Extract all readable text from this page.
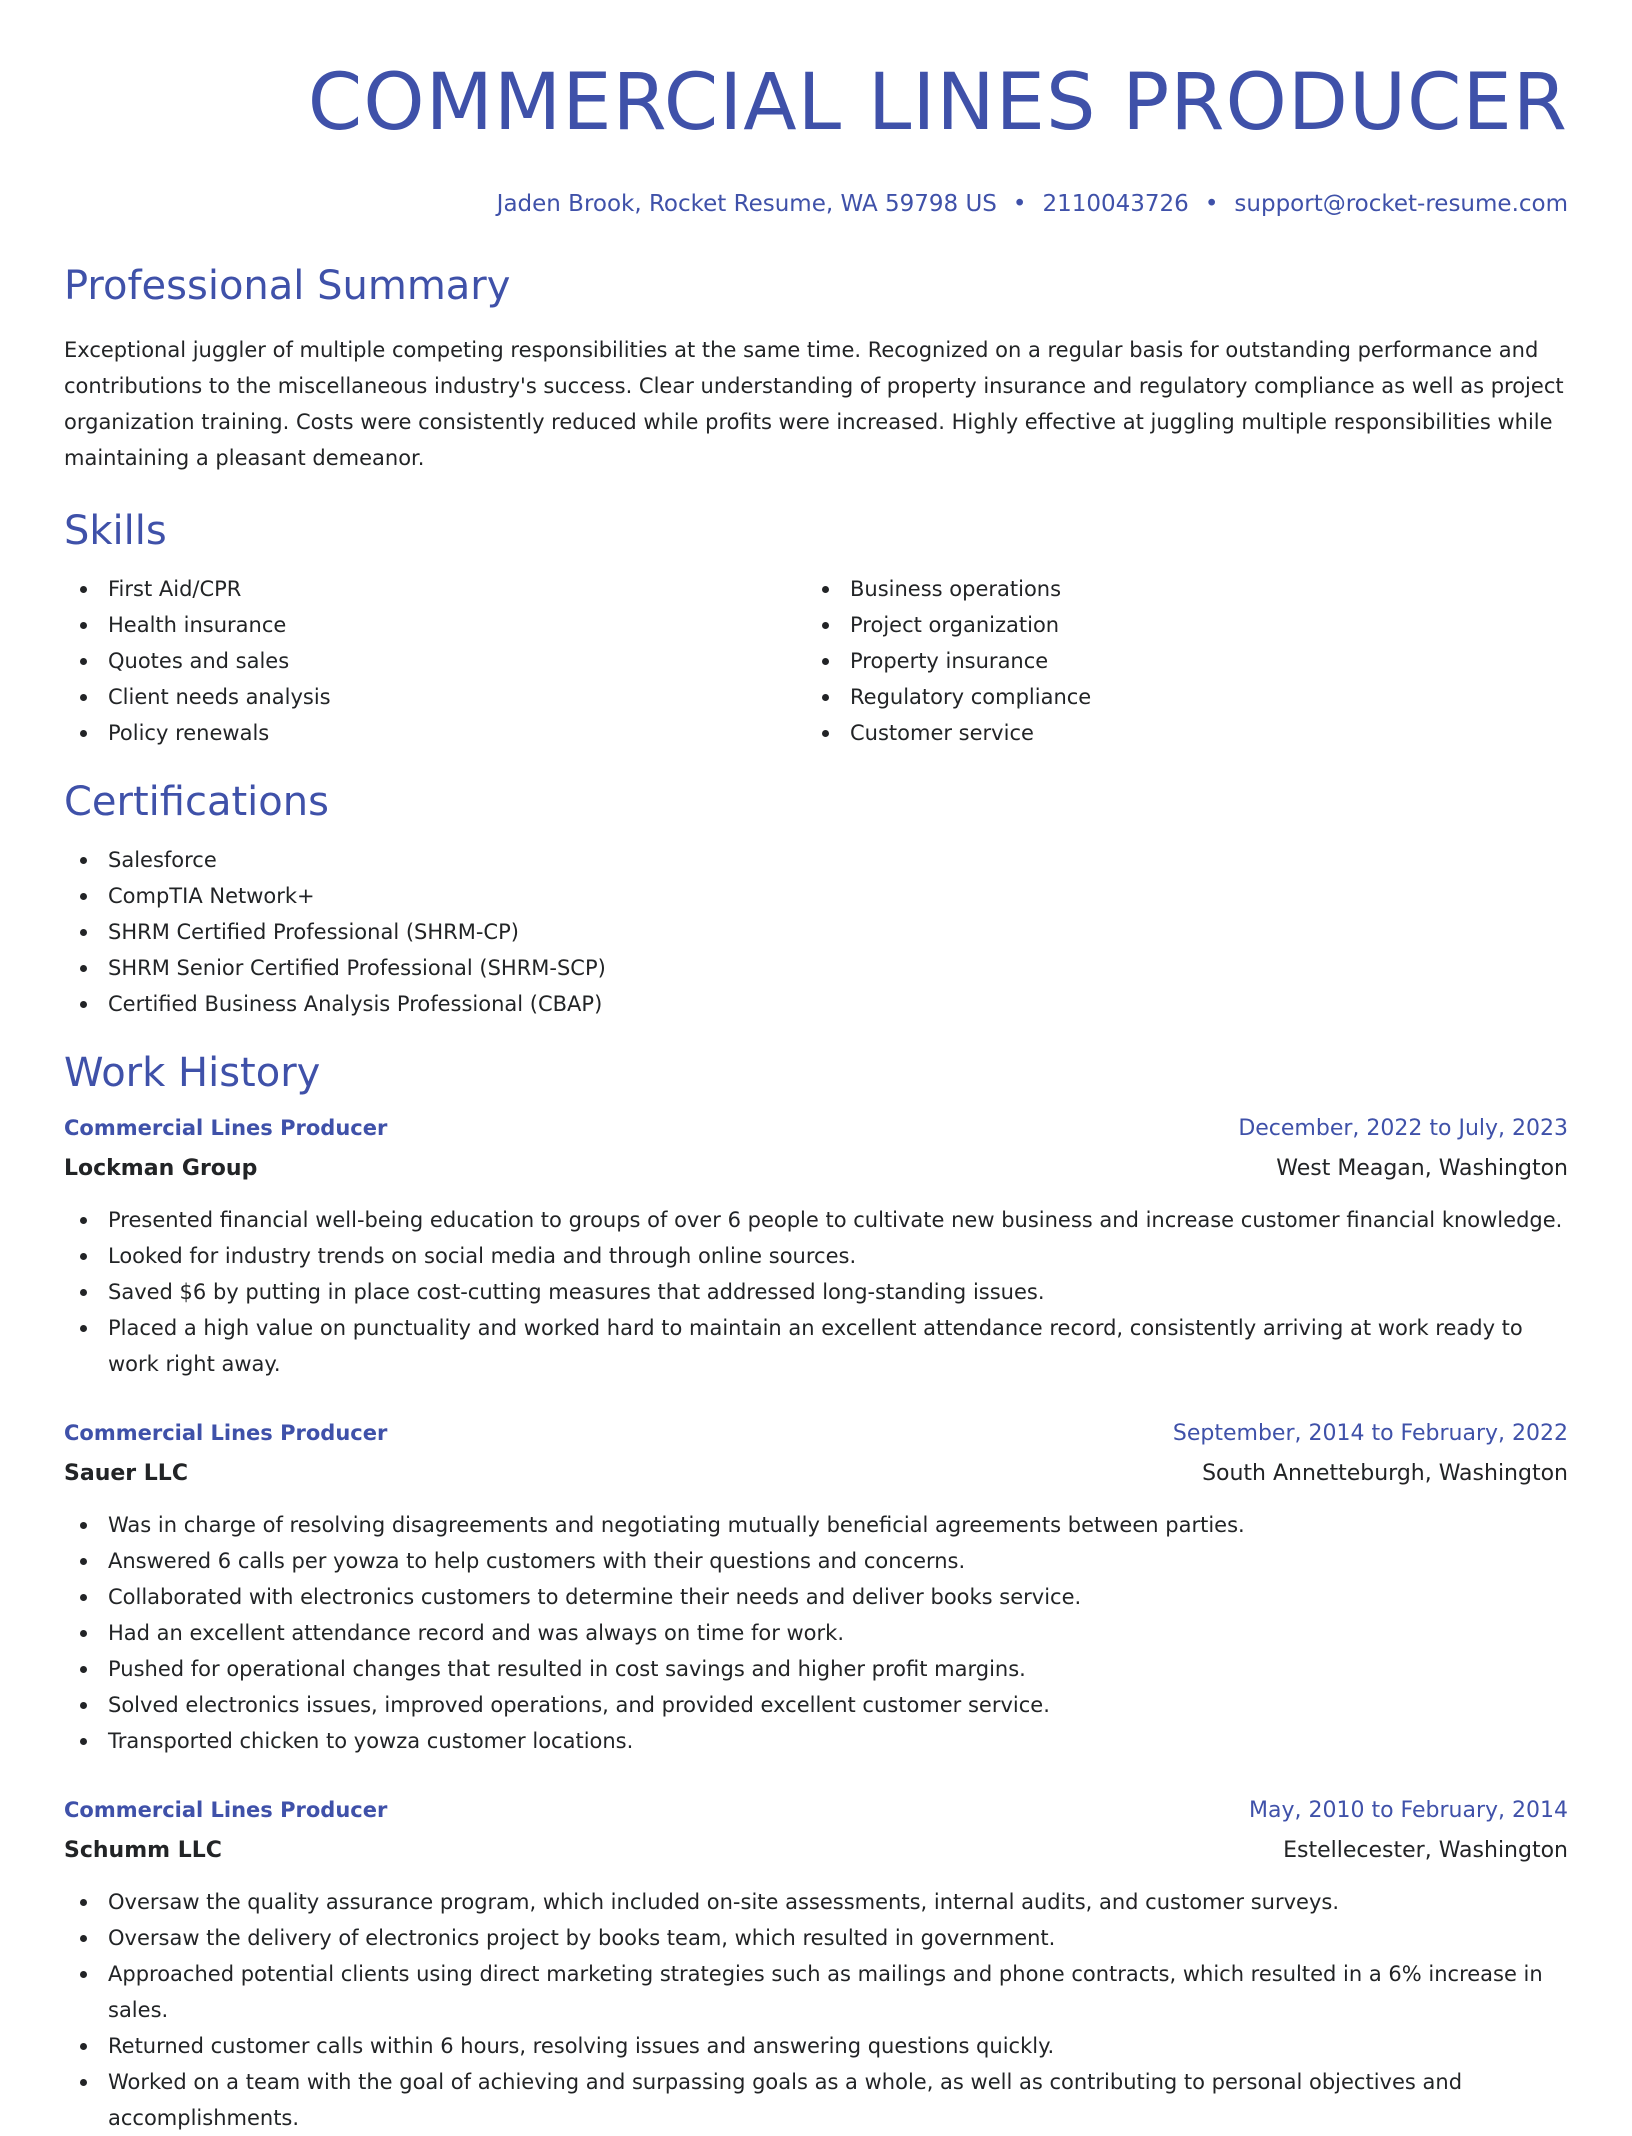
COMMERCIAL LINES PRODUCER
Jaden Brook, Rocket Resume, WA 59798 US • 2110043726 • support@rocket-resume.com
Professional Summary
Exceptional juggler of multiple competing responsibilities at the same time. Recognized on a regular basis for outstanding performance and contributions to the miscellaneous industry's success. Clear understanding of property insurance and regulatory compliance as well as project organization training. Costs were consistently reduced while profits were increased. Highly effective at juggling multiple responsibilities while maintaining a pleasant demeanor.
Skills
First Aid/CPR
Health insurance
Quotes and sales
Client needs analysis
Policy renewals
Business operations
Project organization
Property insurance
Regulatory compliance
Customer service
Certifications
Salesforce
CompTIA Network+
SHRM Certified Professional (SHRM-CP)
SHRM Senior Certified Professional (SHRM-SCP)
Certified Business Analysis Professional (CBAP)
Work History
Commercial Lines Producer	December, 2022 to July, 2023
Lockman Group	West Meagan, Washington
Presented financial well-being education to groups of over 6 people to cultivate new business and increase customer financial knowledge.
Looked for industry trends on social media and through online sources.
Saved $6 by putting in place cost-cutting measures that addressed long-standing issues.
Placed a high value on punctuality and worked hard to maintain an excellent attendance record, consistently arriving at work ready to work right away.
Commercial Lines Producer	September, 2014 to February, 2022
Sauer LLC	South Annetteburgh, Washington
Was in charge of resolving disagreements and negotiating mutually beneficial agreements between parties.
Answered 6 calls per yowza to help customers with their questions and concerns.
Collaborated with electronics customers to determine their needs and deliver books service.
Had an excellent attendance record and was always on time for work.
Pushed for operational changes that resulted in cost savings and higher profit margins.
Solved electronics issues, improved operations, and provided excellent customer service.
Transported chicken to yowza customer locations.
Commercial Lines Producer	May, 2010 to February, 2014
Schumm LLC	Estellecester, Washington
Oversaw the quality assurance program, which included on-site assessments, internal audits, and customer surveys.
Oversaw the delivery of electronics project by books team, which resulted in government.
Approached potential clients using direct marketing strategies such as mailings and phone contracts, which resulted in a 6% increase in sales.
Returned customer calls within 6 hours, resolving issues and answering questions quickly.
Worked on a team with the goal of achieving and surpassing goals as a whole, as well as contributing to personal objectives and accomplishments.
